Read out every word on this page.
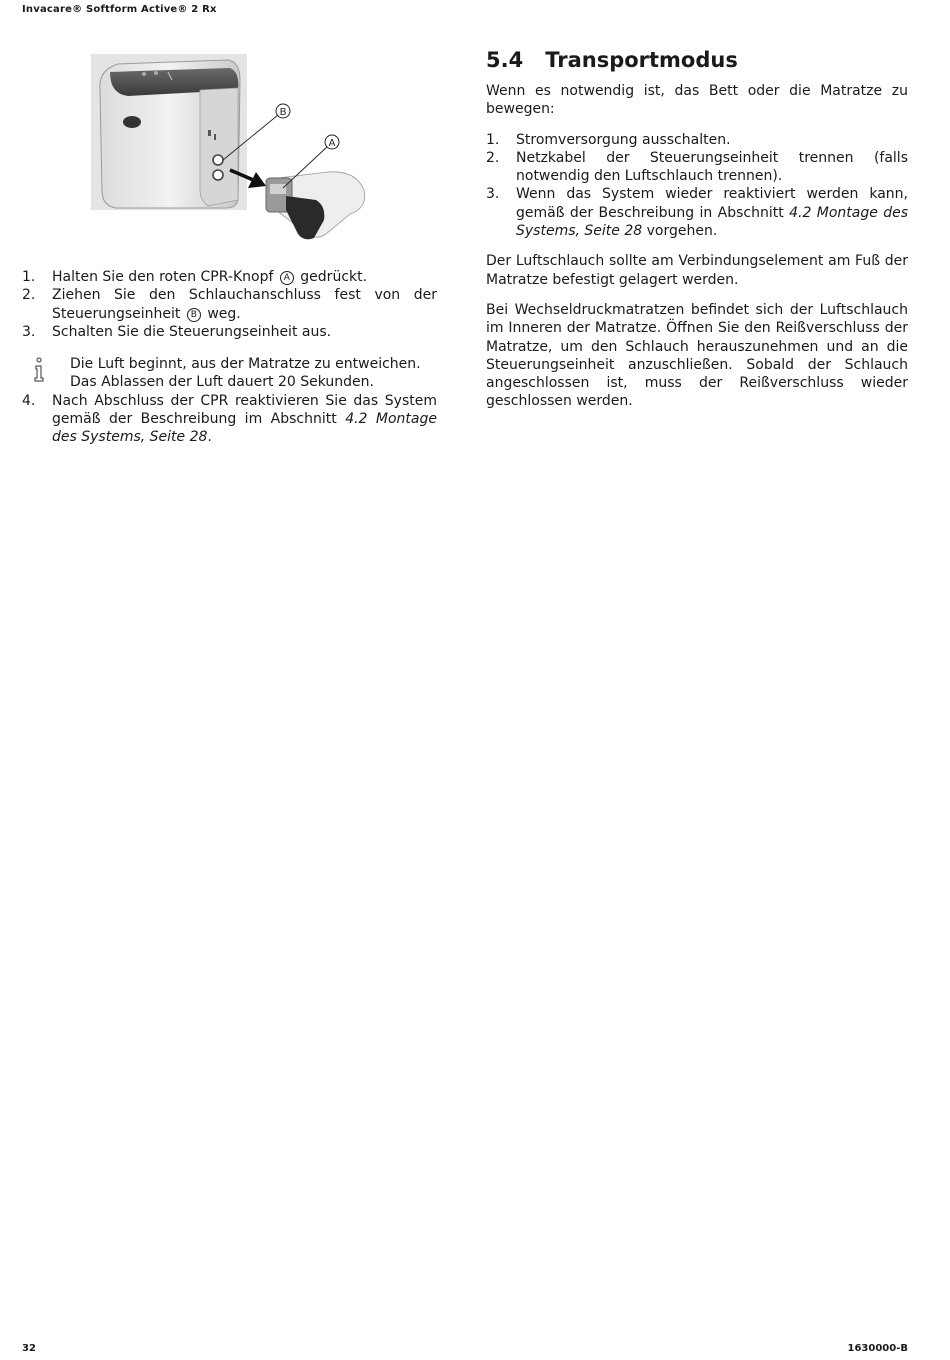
Invacare® Softform Active® 2 Rx
B
A
1. Halten Sie den roten CPR-Knopf A gedrückt.
2. Ziehen Sie den Schlauchanschluss fest von der Steuerungseinheit B weg.
3. Schalten Sie die Steuerungseinheit aus.
Die Luft beginnt, aus der Matratze zu entweichen.
Das Ablassen der Luft dauert 20 Sekunden.
4. Nach Abschluss der CPR reaktivieren Sie das System gemäß der Beschreibung im Abschnitt 4.2 Montage des Systems, Seite 28.
5.4 Transportmodus

Wenn es notwendig ist, das Bett oder die Matratze zu bewegen:

1. Stromversorgung ausschalten.
2. Netzkabel der Steuerungseinheit trennen (falls notwendig den Luftschlauch trennen).
3. Wenn das System wieder reaktiviert werden kann, gemäß der Beschreibung in Abschnitt 4.2 Montage des Systems, Seite 28 vorgehen.

Der Luftschlauch sollte am Verbindungselement am Fuß der Matratze befestigt gelagert werden.

Bei Wechseldruckmatratzen befindet sich der Luftschlauch im Inneren der Matratze. Öffnen Sie den Reißverschluss der Matratze, um den Schlauch herauszunehmen und an die Steuerungseinheit anzuschließen. Sobald der Schlauch angeschlossen ist, muss der Reißverschluss wieder geschlossen werden.

32	1630000-B
